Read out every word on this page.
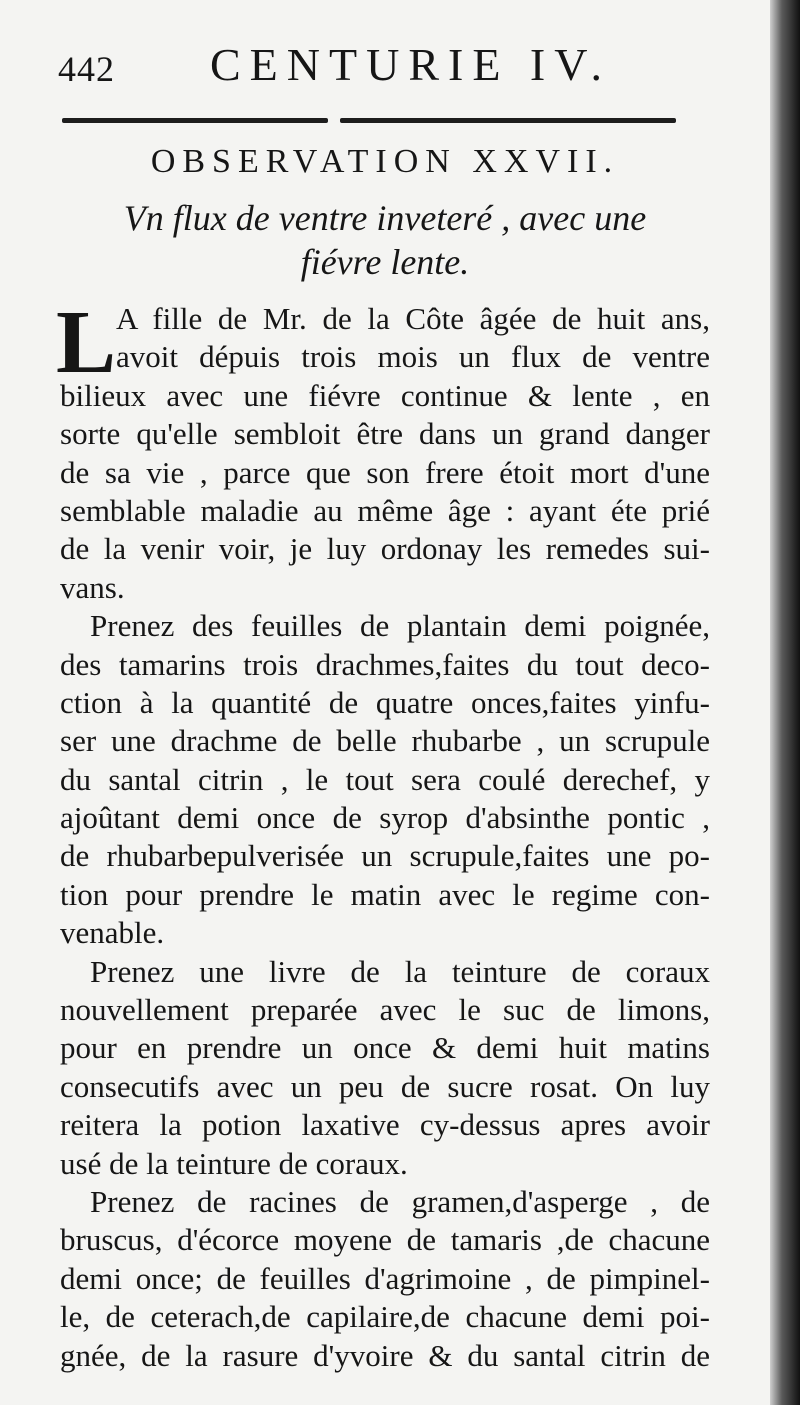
442 CENTURIE IV.
OBSERVATION XXVII.
Vn flux de ventre inveteré , avec une
fiévre lente.
L A fille de Mr. de la Côte âgée de huit ans,
avoit dépuis trois mois un flux de ventre
bilieux avec une fiévre continue & lente , en
sorte qu'elle sembloit être dans un grand danger
de sa vie , parce que son frere étoit mort d'une
semblable maladie au même âge : ayant éte prié
de la venir voir, je luy ordonay les remedes sui-
vans.
Prenez des feuilles de plantain demi poignée,
des tamarins trois drachmes,faites du tout deco-
ction à la quantité de quatre onces,faites yinfu-
ser une drachme de belle rhubarbe , un scrupule
du santal citrin , le tout sera coulé derechef, y
ajoûtant demi once de syrop d'absinthe pontic ,
de rhubarbepulverisée un scrupule,faites une po-
tion pour prendre le matin avec le regime con-
venable.
Prenez une livre de la teinture de coraux
nouvellement preparée avec le suc de limons,
pour en prendre un once & demi huit matins
consecutifs avec un peu de sucre rosat. On luy
reitera la potion laxative cy-dessus apres avoir
usé de la teinture de coraux.
Prenez de racines de gramen,d'asperge , de
bruscus, d'écorce moyene de tamaris ,de chacune
demi once; de feuilles d'agrimoine , de pimpinel-
le, de ceterach,de capilaire,de chacune demi poi-
gnée, de la rasure d'yvoire & du santal citrin de
